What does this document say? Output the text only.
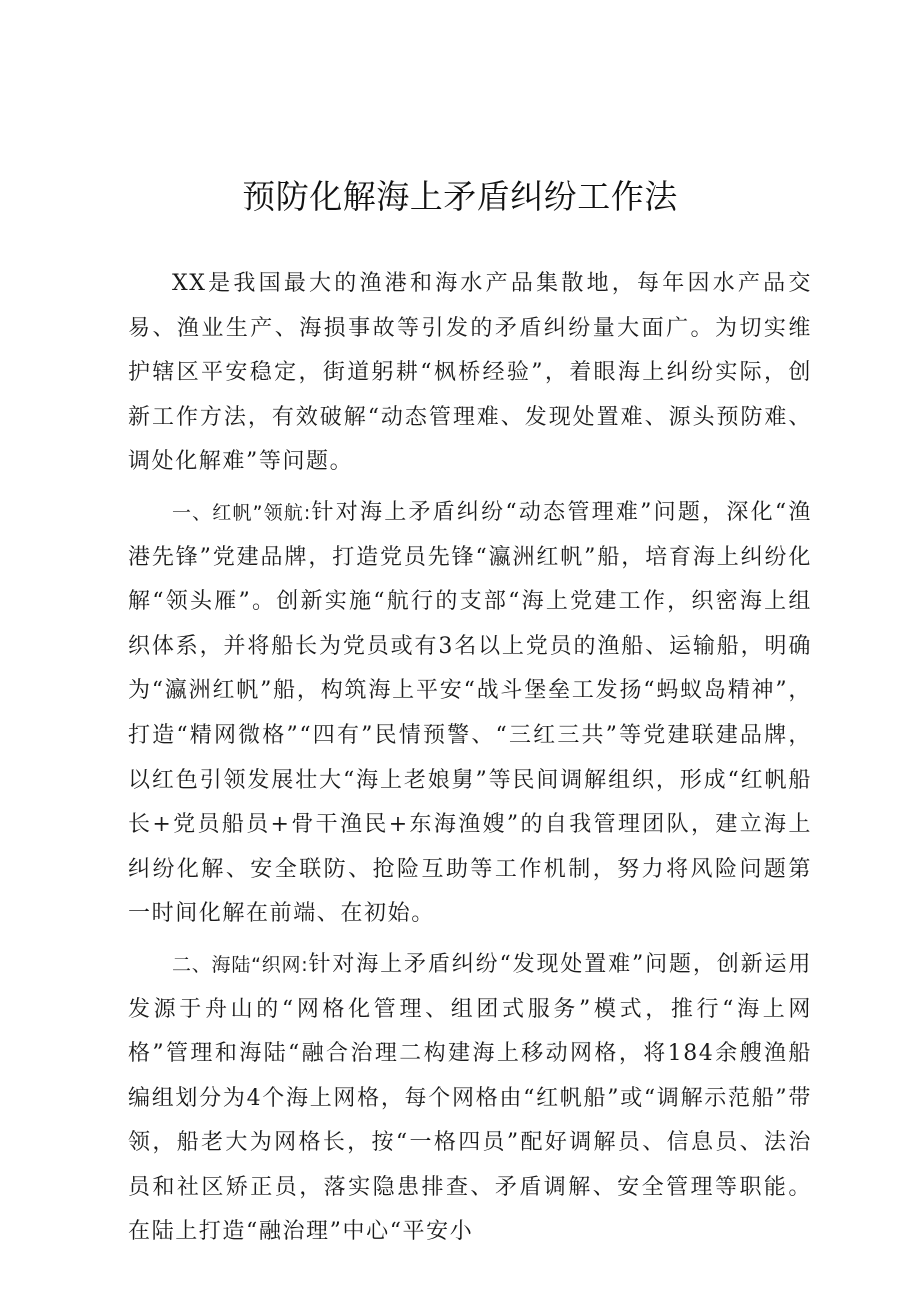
预防化解海上矛盾纠纷工作法

XX是我国最大的渔港和海水产品集散地，每年因水产品交易、渔业生产、海损事故等引发的矛盾纠纷量大面广。为切实维护辖区平安稳定，街道躬耕“枫桥经验”，着眼海上纠纷实际，创新工作方法，有效破解“动态管理难、发现处置难、源头预防难、调处化解难”等问题。

一、红帆”领航:针对海上矛盾纠纷“动态管理难”问题，深化“渔港先锋”党建品牌，打造党员先锋“瀛洲红帆”船，培育海上纠纷化解“领头雁”。创新实施“航行的支部“海上党建工作，织密海上组织体系，并将船长为党员或有3名以上党员的渔船、运输船，明确为“瀛洲红帆”船，构筑海上平安“战斗堡垒工发扬“蚂蚁岛精神”，打造“精网微格”“四有”民情预警、“三红三共”等党建联建品牌，以红色引领发展壮大“海上老娘舅”等民间调解组织，形成“红帆船长+党员船员+骨干渔民+东海渔嫂”的自我管理团队，建立海上纠纷化解、安全联防、抢险互助等工作机制，努力将风险问题第一时间化解在前端、在初始。

二、海陆“织网:针对海上矛盾纠纷“发现处置难”问题，创新运用发源于舟山的“网格化管理、组团式服务”模式，推行“海上网格”管理和海陆“融合治理二构建海上移动网格，将184余艘渔船编组划分为4个海上网格，每个网格由“红帆船”或“调解示范船”带领，船老大为网格长，按“一格四员”配好调解员、信息员、法治员和社区矫正员，落实隐患排查、矛盾调解、安全管理等职能。在陆上打造“融治理”中心“平安小
